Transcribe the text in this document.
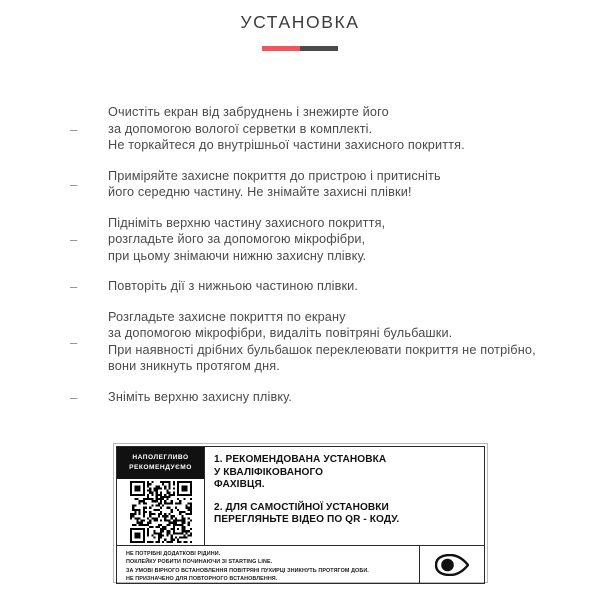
УСТАНОВКА
–
Очистіть екран від забруднень і знежирте його
за допомогою вологої серветки в комплекті.
Не торкайтеся до внутрішньої частини захисного покриття.
–
Приміряйте захисне покриття до пристрою і притисніть
його середню частину. Не знімайте захисні плівки!
–
Підніміть верхню частину захисного покриття,
розгладьте його за допомогою мікрофібри,
при цьому знімаючи нижню захисну плівку.
–
Повторіть дії з нижньою частиною плівки.
–
Розгладьте захисне покриття по екрану
за допомогою мікрофібри, видаліть повітряні бульбашки.
При наявності дрібних бульбашок переклеювати покриття не потрібно,
вони зникнуть протягом дня.
–
Зніміть верхню захисну плівку.
НАПОЛЕГЛИВО
РЕКОМЕНДУЄМО
1. РЕКОМЕНДОВАНА УСТАНОВКА
У КВАЛІФІКОВАНОГО
ФАХІВЦЯ.
2. ДЛЯ САМОСТІЙНОЇ УСТАНОВКИ
ПЕРЕГЛЯНЬТЕ ВІДЕО ПО QR - КОДУ.
НЕ ПОТРІБНІ ДОДАТКОВІ РІДИНИ.
ПОКЛЕЙКУ РОБИТИ ПОЧИНАЮЧИ ЗІ STARTING LINE.
ЗА УМОВІ ВІРНОГО ВСТАНОВЛЕННЯ ПОВІТРЯНІ ПУХИРЦІ ЗНИКНУТЬ ПРОТЯГОМ ДОБИ.
НЕ ПРИЗНАЧЕНО ДЛЯ ПОВТОРНОГО ВСТАНОВЛЕННЯ.
